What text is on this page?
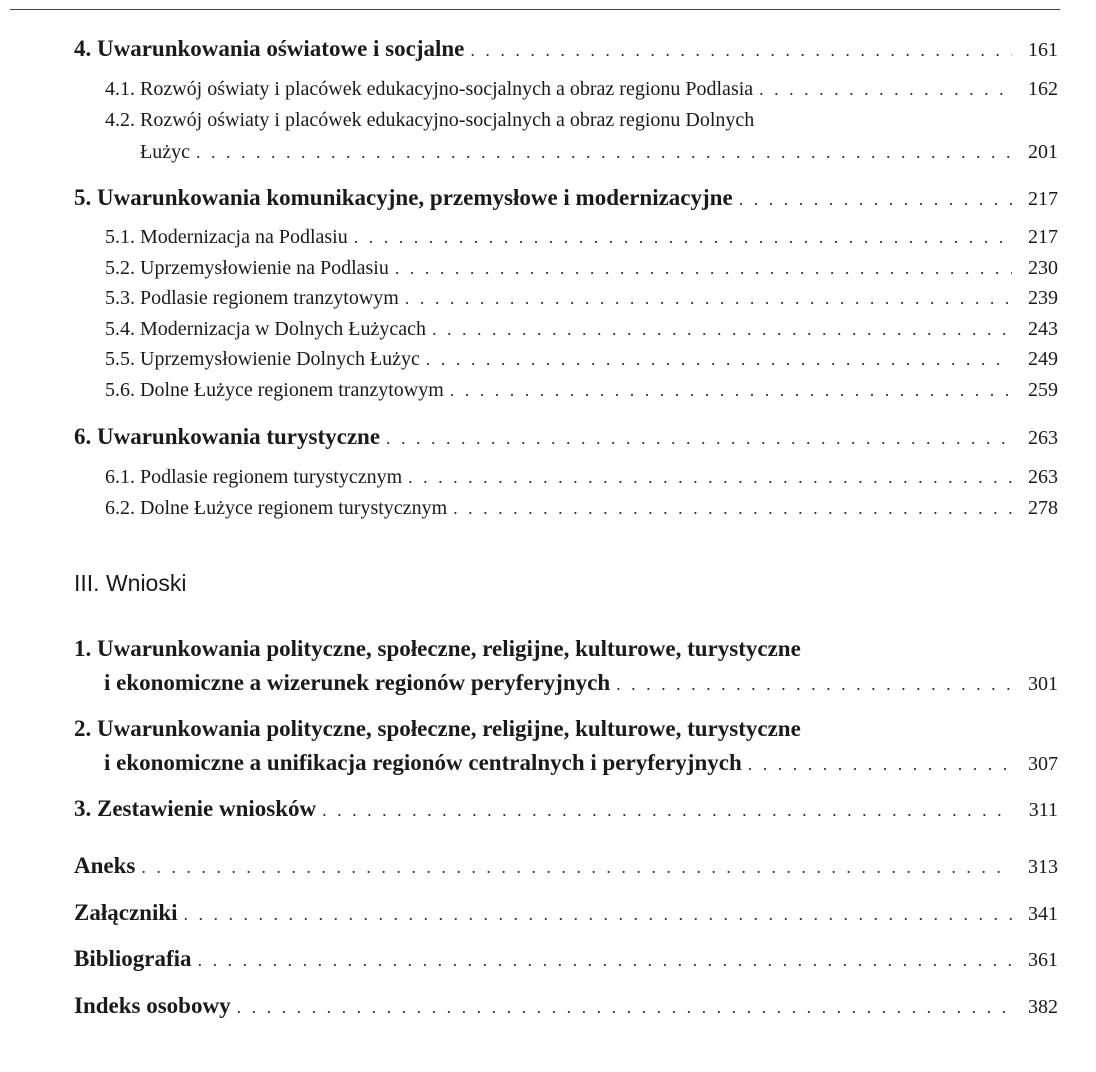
4. Uwarunkowania oświatowe i socjalne . . .	161
4.1. Rozwój oświaty i placówek edukacyjno-socjalnych a obraz regionu Podlasia . . .	162
4.2. Rozwój oświaty i placówek edukacyjno-socjalnych a obraz regionu Dolnych
Łużyc . . .	201
5. Uwarunkowania komunikacyjne, przemysłowe i modernizacyjne . . .	217
5.1. Modernizacja na Podlasiu . . .	217
5.2. Uprzemysłowienie na Podlasiu . . .	230
5.3. Podlasie regionem tranzytowym . . .	239
5.4. Modernizacja w Dolnych Łużycach . . .	243
5.5. Uprzemysłowienie Dolnych Łużyc . . .	249
5.6. Dolne Łużyce regionem tranzytowym . . .	259
6. Uwarunkowania turystyczne . . .	263
6.1. Podlasie regionem turystycznym . . .	263
6.2. Dolne Łużyce regionem turystycznym . . .	278
1. Uwarunkowania polityczne, społeczne, religijne, kulturowe, turystyczne
i ekonomiczne a wizerunek regionów peryferyjnych . . .	301
2. Uwarunkowania polityczne, społeczne, religijne, kulturowe, turystyczne
i ekonomiczne a unifikacja regionów centralnych i peryferyjnych . . .	307
3. Zestawienie wniosków . . .	311
Aneks . . .	313
Załączniki . . .	341
Bibliografia . . .	361
Indeks osobowy . . .	382
III. Wnioski
